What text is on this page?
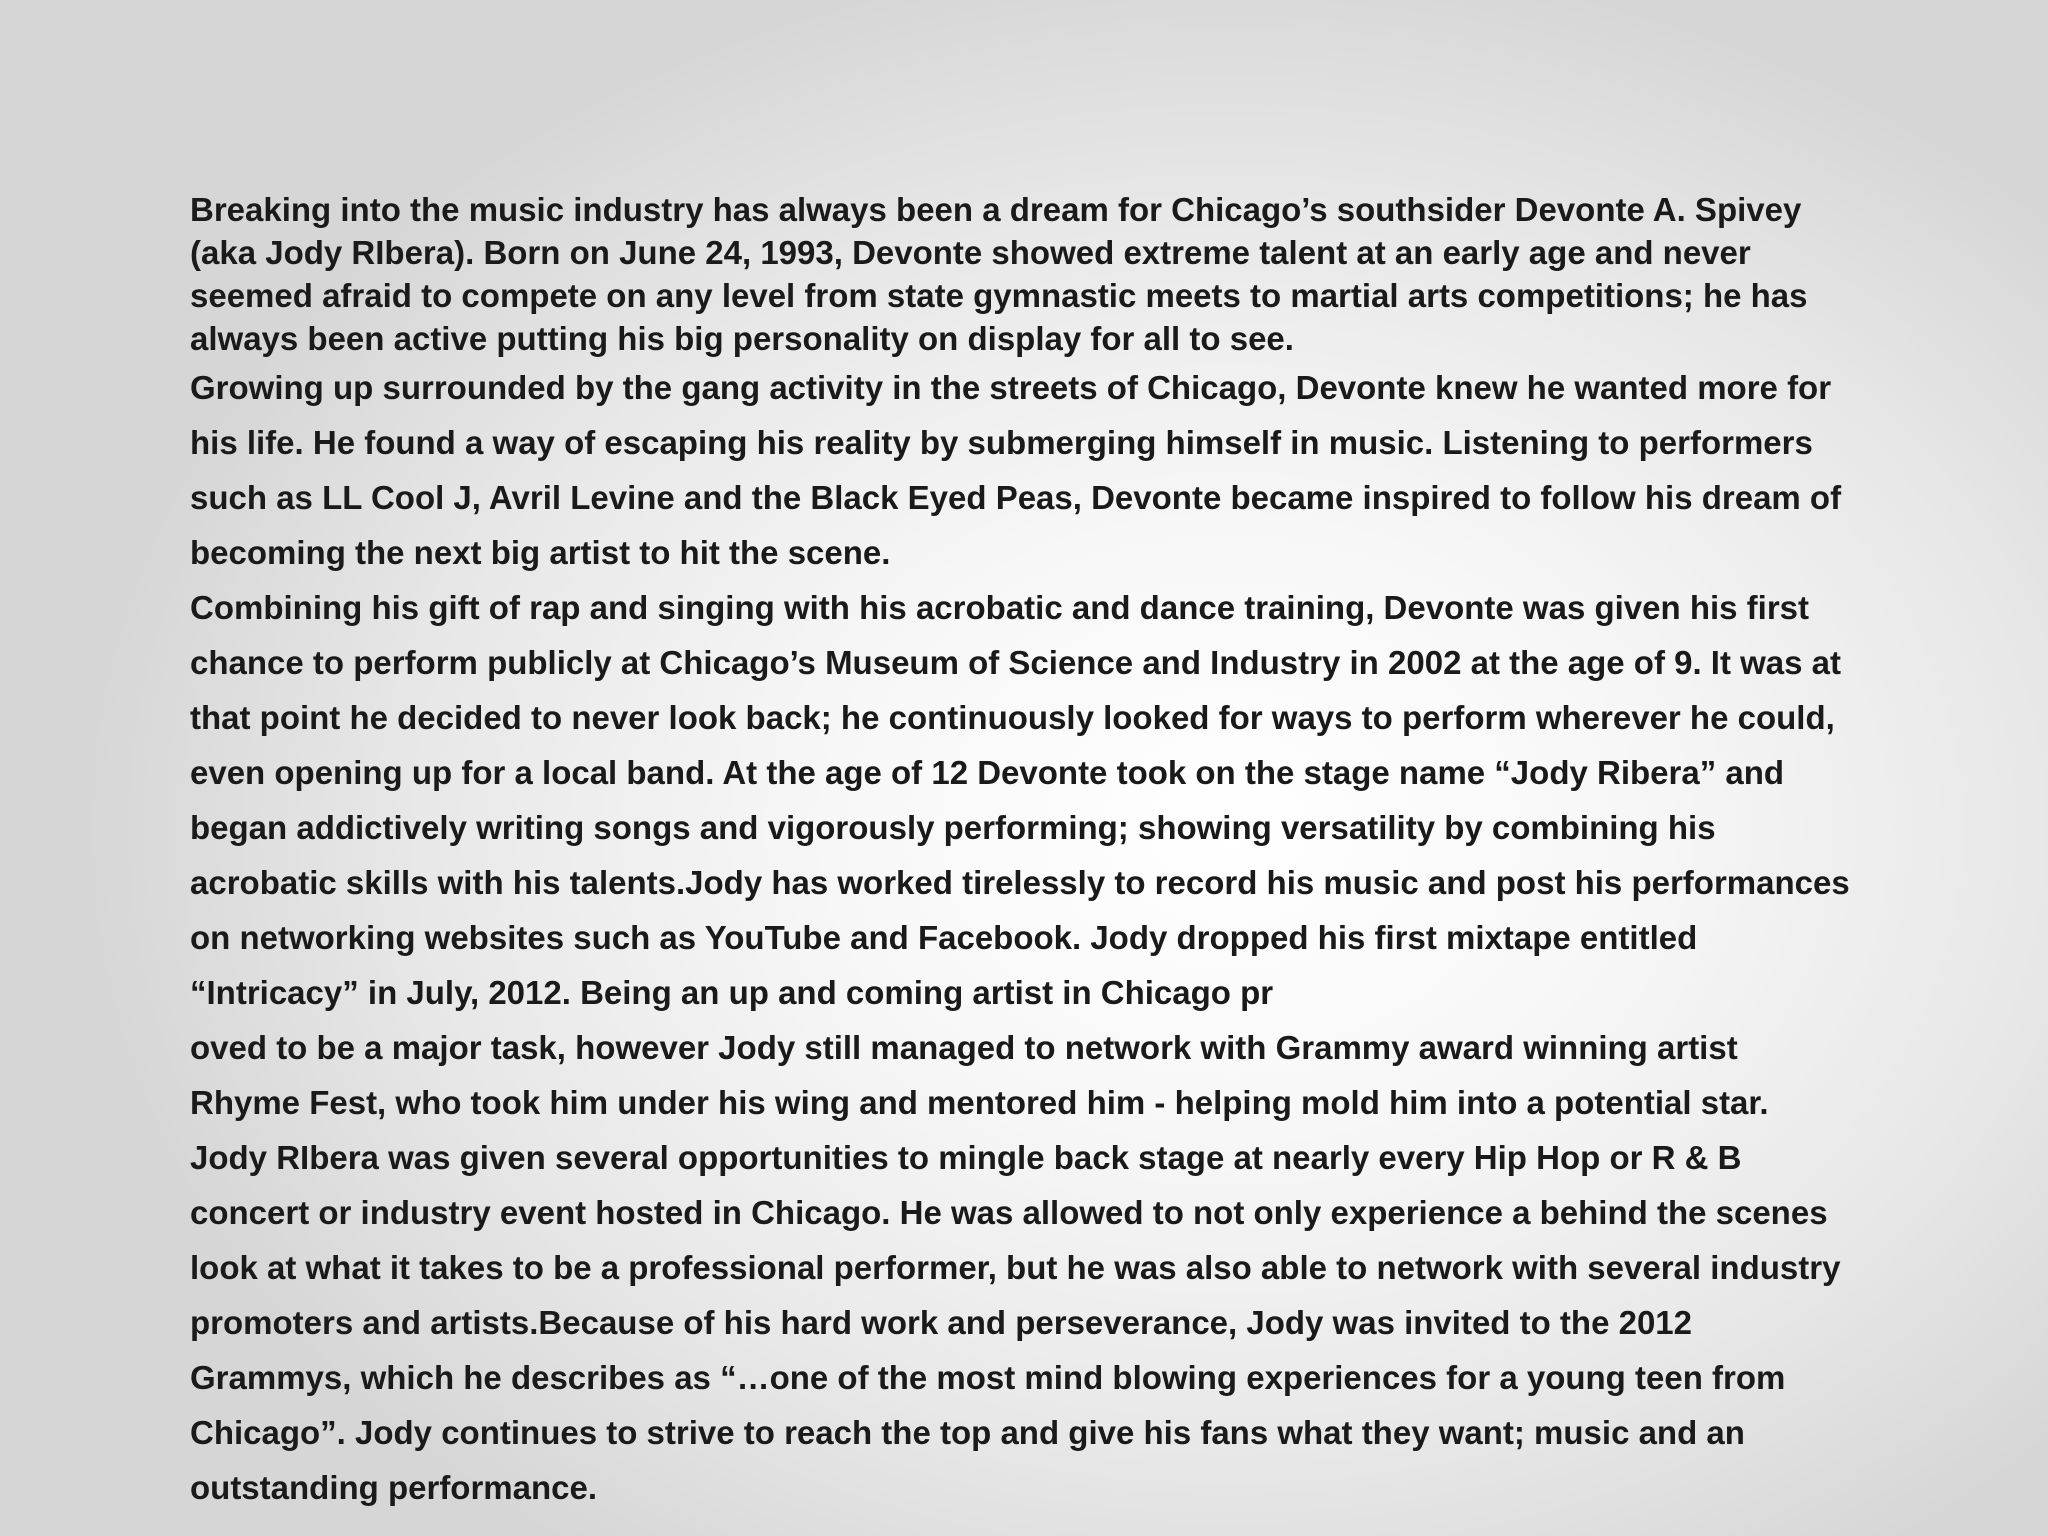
Breaking into the music industry has always been a dream for Chicago’s southsider Devonte A. Spivey
(aka Jody RIbera). Born on June 24, 1993, Devonte showed extreme talent at an early age and never
seemed afraid to compete on any level from state gymnastic meets to martial arts competitions; he has
always been active putting his big personality on display for all to see.
Growing up surrounded by the gang activity in the streets of Chicago, Devonte knew he wanted more for
his life. He found a way of escaping his reality by submerging himself in music. Listening to performers
such as LL Cool J, Avril Levine and the Black Eyed Peas, Devonte became inspired to follow his dream of
becoming the next big artist to hit the scene.
Combining his gift of rap and singing with his acrobatic and dance training, Devonte was given his first
chance to perform publicly at Chicago’s Museum of Science and Industry in 2002 at the age of 9. It was at
that point he decided to never look back; he continuously looked for ways to perform wherever he could,
even opening up for a local band. At the age of 12 Devonte took on the stage name “Jody Ribera” and
began addictively writing songs and vigorously performing; showing versatility by combining his
acrobatic skills with his talents.Jody has worked tirelessly to record his music and post his performances
on networking websites such as YouTube and Facebook. Jody dropped his first mixtape entitled
“Intricacy” in July, 2012. Being an up and coming artist in Chicago pr
oved to be a major task, however Jody still managed to network with Grammy award winning artist
Rhyme Fest, who took him under his wing and mentored him - helping mold him into a potential star.
Jody RIbera was given several opportunities to mingle back stage at nearly every Hip Hop or R & B
concert or industry event hosted in Chicago. He was allowed to not only experience a behind the scenes
look at what it takes to be a professional performer, but he was also able to network with several industry
promoters and artists.Because of his hard work and perseverance, Jody was invited to the 2012
Grammys, which he describes as “…one of the most mind blowing experiences for a young teen from
Chicago”. Jody continues to strive to reach the top and give his fans what they want; music and an
outstanding performance.
